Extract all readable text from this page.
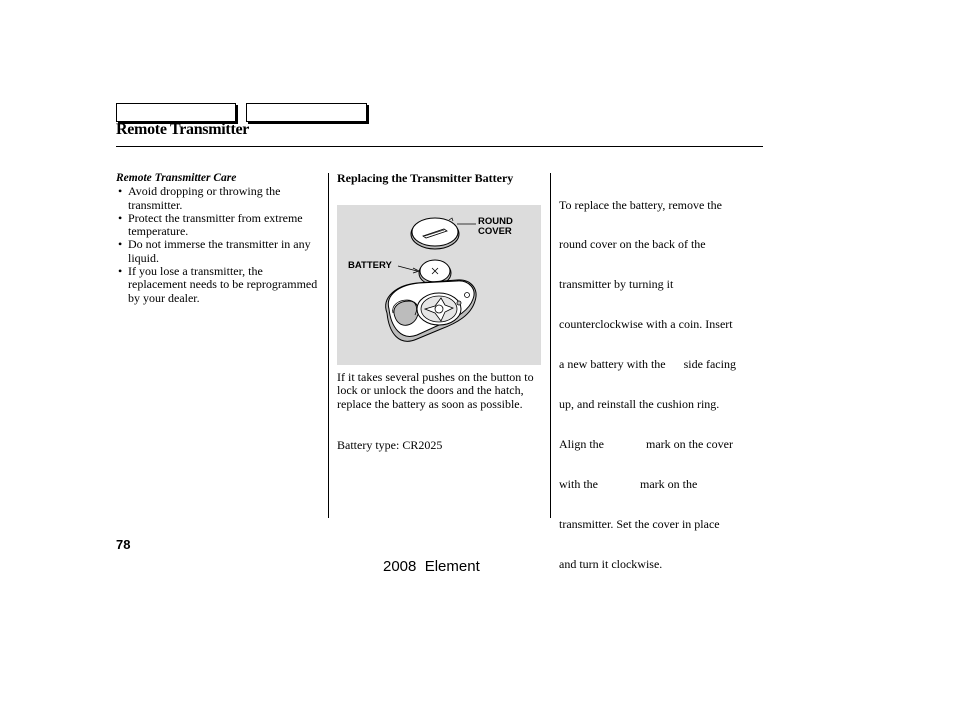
Remote Transmitter
Remote Transmitter Care
• Avoid dropping or throwing the transmitter.
• Protect the transmitter from extreme temperature.
• Do not immerse the transmitter in any liquid.
• If you lose a transmitter, the replacement needs to be reprogrammed by your dealer.
Replacing the Transmitter Battery
ROUND
COVER
BATTERY
If it takes several pushes on the button to lock or unlock the doors and the hatch, replace the battery as soon as possible.
Battery type: CR2025

To replace the battery, remove the

round cover on the back of the

transmitter by turning it

counterclockwise with a coin. Insert

a new battery with the      side facing

up, and reinstall the cushion ring.

Align the              mark on the cover

with the              mark on the

transmitter. Set the cover in place

and turn it clockwise.

78
2008  Element
